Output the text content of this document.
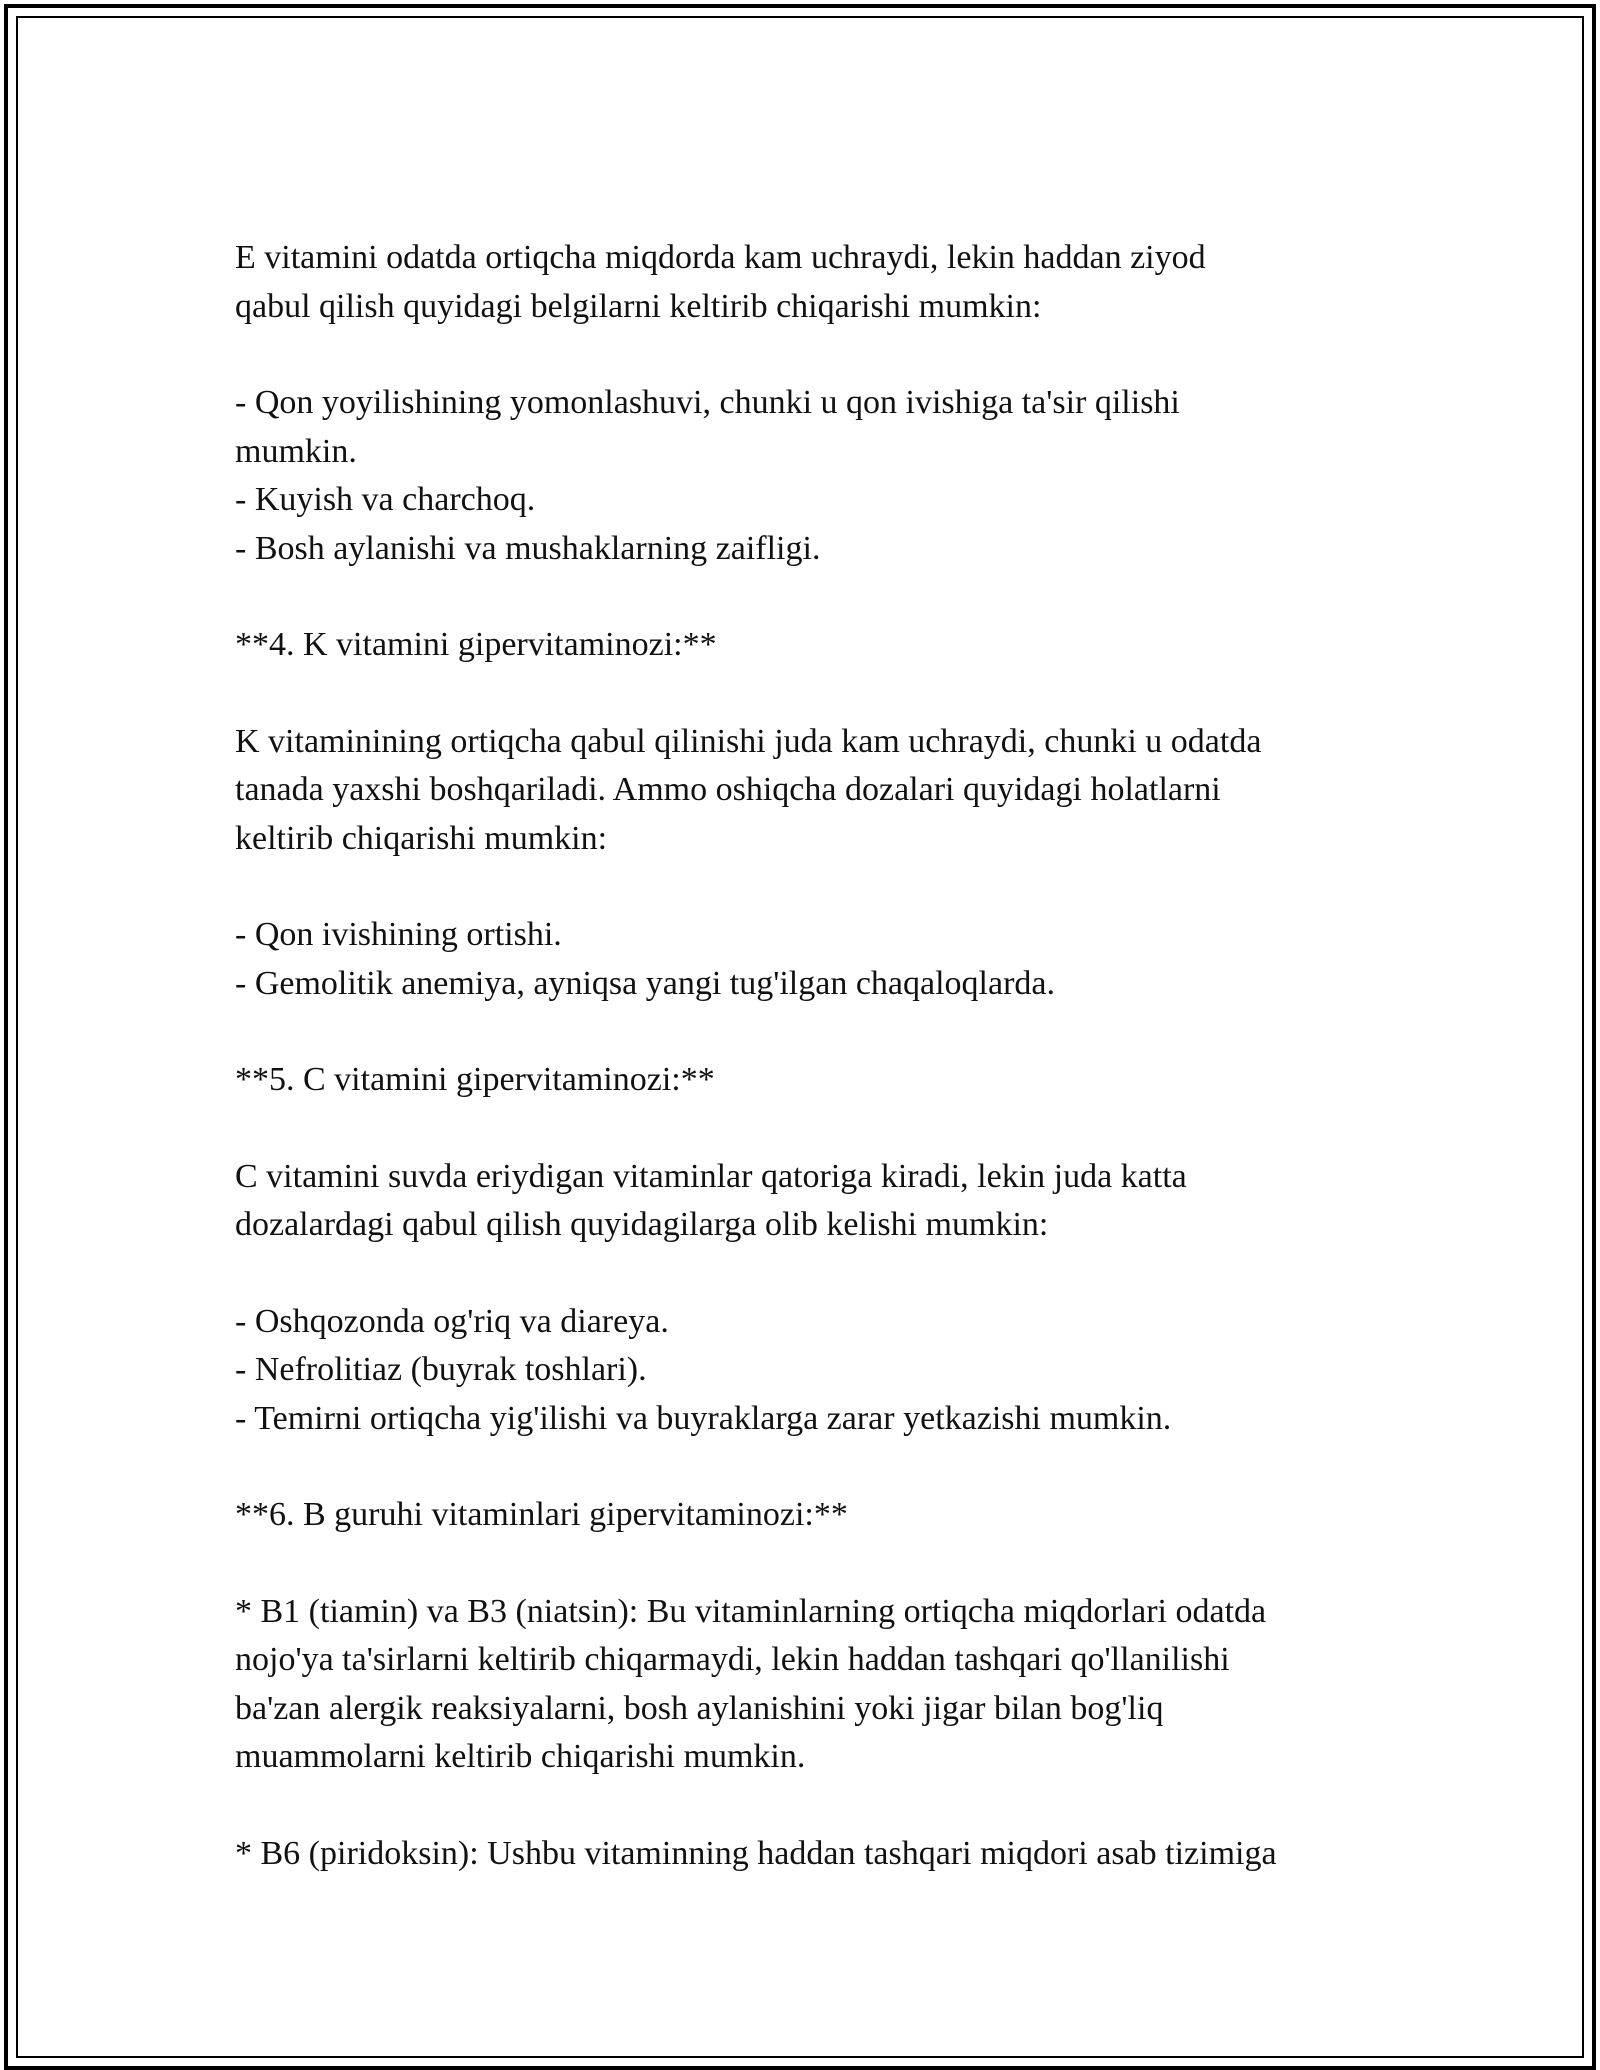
E vitamini odatda ortiqcha miqdorda kam uchraydi, lekin haddan ziyod
qabul qilish quyidagi belgilarni keltirib chiqarishi mumkin:

- Qon yoyilishining yomonlashuvi, chunki u qon ivishiga ta'sir qilishi
mumkin.
- Kuyish va charchoq.
- Bosh aylanishi va mushaklarning zaifligi.
**4. K vitamini gipervitaminozi:**

K vitaminining ortiqcha qabul qilinishi juda kam uchraydi, chunki u odatda
tanada yaxshi boshqariladi. Ammo oshiqcha dozalari quyidagi holatlarni
keltirib chiqarishi mumkin:

- Qon ivishining ortishi.
- Gemolitik anemiya, ayniqsa yangi tug'ilgan chaqaloqlarda.
**5. C vitamini gipervitaminozi:**

C vitamini suvda eriydigan vitaminlar qatoriga kiradi, lekin juda katta
dozalardagi qabul qilish quyidagilarga olib kelishi mumkin:

- Oshqozonda og'riq va diareya.
- Nefrolitiaz (buyrak toshlari).
- Temirni ortiqcha yig'ilishi va buyraklarga zarar yetkazishi mumkin.
**6. B guruhi vitaminlari gipervitaminozi:**

* B1 (tiamin) va B3 (niatsin): Bu vitaminlarning ortiqcha miqdorlari odatda
nojo'ya ta'sirlarni keltirib chiqarmaydi, lekin haddan tashqari qo'llanilishi
ba'zan alergik reaksiyalarni, bosh aylanishini yoki jigar bilan bog'liq
muammolarni keltirib chiqarishi mumkin.

* B6 (piridoksin): Ushbu vitaminning haddan tashqari miqdori asab tizimiga
